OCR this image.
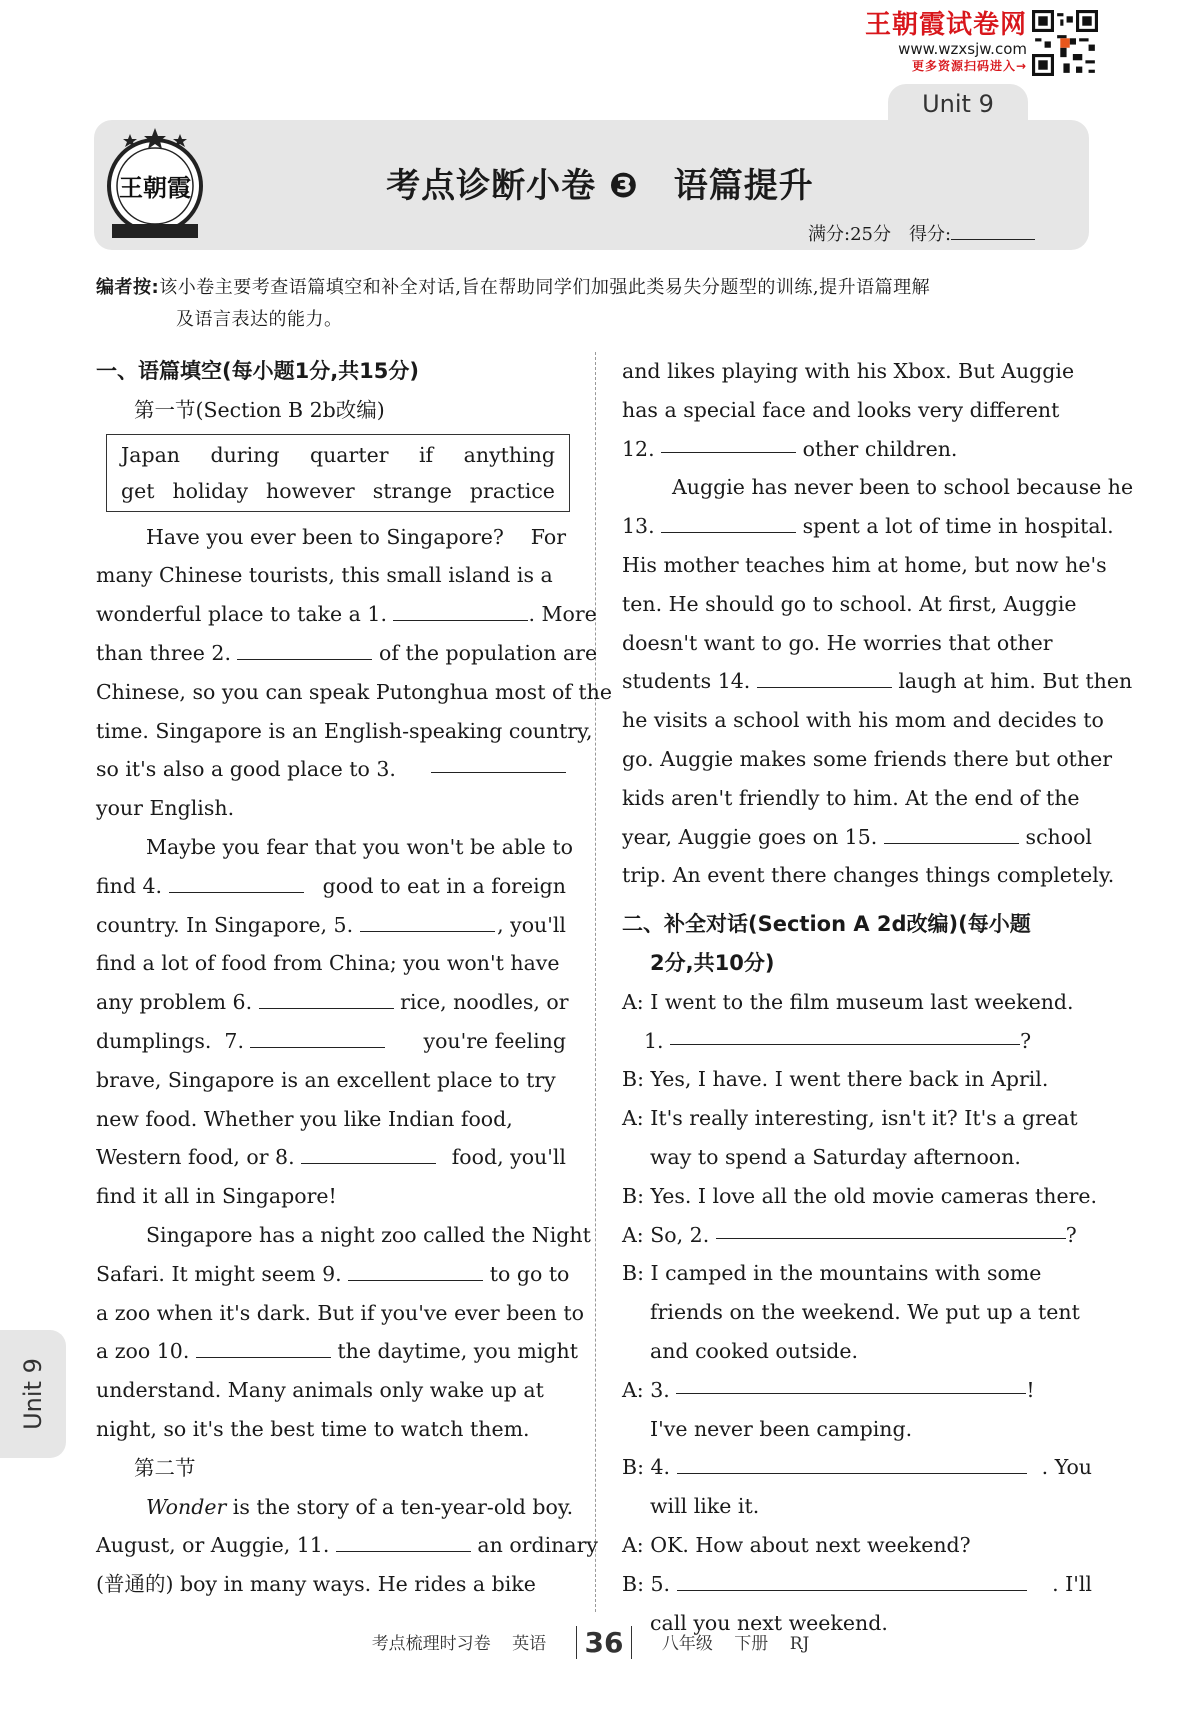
王朝霞试卷网
www.wzxsjw.com
更多资源扫码进入→
Unit 9
王朝霞	考点诊断小卷 ❸　语篇提升
满分:25分　得分:
编者按:该小卷主要考查语篇填空和补全对话,旨在帮助同学们加强此类易失分题型的训练,提升语篇理解
及语言表达的能力。
一、语篇填空(每小题1分,共15分)
第一节(Section B 2b改编)
Japan during quarter if anything
get holiday however strange practice
Have you ever been to Singapore? For
many Chinese tourists, this small island is a
wonderful place to take a 1.	. More
than three 2.	of the population are
Chinese, so you can speak Putonghua most of the
time. Singapore is an English-speaking country,
so it's also a good place to 3.
your English.
Maybe you fear that you won't be able to
find 4.	good to eat in a foreign
country. In Singapore, 5.	, you'll
find a lot of food from China; you won't have
any problem 6.	rice, noodles, or
dumplings.  7.	you're feeling
brave, Singapore is an excellent place to try
new food. Whether you like Indian food,
Western food, or 8.	food, you'll
find it all in Singapore!
Singapore has a night zoo called the Night
Safari. It might seem 9.	to go to
a zoo when it's dark. But if you've ever been to
a zoo 10.	the daytime, you might
understand. Many animals only wake up at
night, so it's the best time to watch them.
第二节
Wonder is the story of a ten-year-old boy.
August, or Auggie, 11.	an ordinary
(普通的) boy in many ways. He rides a bike
and likes playing with his Xbox. But Auggie
has a special face and looks very different
12.	other children.
Auggie has never been to school because he
13.	spent a lot of time in hospital.
His mother teaches him at home, but now he's
ten. He should go to school. At first, Auggie
doesn't want to go. He worries that other
students 14.	laugh at him. But then
he visits a school with his mom and decides to
go. Auggie makes some friends there but other
kids aren't friendly to him. At the end of the
year, Auggie goes on 15.	school
trip. An event there changes things completely.
二、补全对话(Section A 2d改编)(每小题
2分,共10分)
A: I went to the film museum last weekend.
1.	?
B: Yes, I have. I went there back in April.
A: It's really interesting, isn't it? It's a great
way to spend a Saturday afternoon.
B: Yes. I love all the old movie cameras there.
A: So, 2.	?
B: I camped in the mountains with some
friends on the weekend. We put up a tent
and cooked outside.
A: 3.	!
I've never been camping.
B: 4.	. You
will like it.
A: OK. How about next weekend?
B: 5.	. I'll
call you next weekend.
Unit 9
考点梳理时习卷 英语 36 八年级 下册 RJ
